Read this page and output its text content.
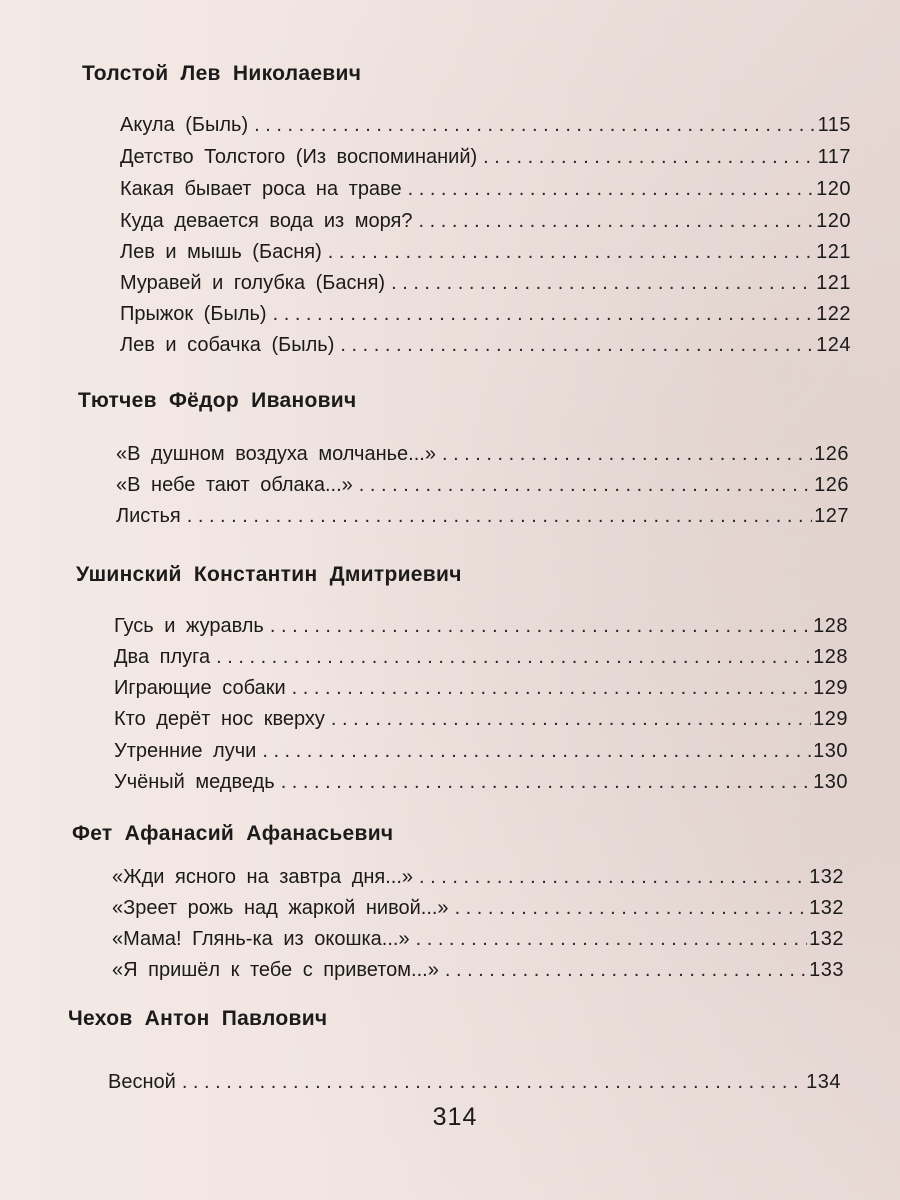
Толстой Лев Николаевич
Акула (Быль) . . .	115
Детство Толстого (Из воспоминаний) . . .	117
Какая бывает роса на траве . . .	120
Куда девается вода из моря? . . .	120
Лев и мышь (Басня) . . .	121
Муравей и голубка (Басня) . . .	121
Прыжок (Быль) . . .	122
Лев и собачка (Быль) . . .	124
Тютчев Фёдор Иванович
«В душном воздуха молчанье...» . . .	126
«В небе тают облака...» . . .	126
Листья . . .	127
Ушинский Константин Дмитриевич
Гусь и журавль . . .	128
Два плуга . . .	128
Играющие собаки . . .	129
Кто дерёт нос кверху . . .	129
Утренние лучи . . .	130
Учёный медведь . . .	130
Фет Афанасий Афанасьевич
«Жди ясного на завтра дня...» . . .	132
«Зреет рожь над жаркой нивой...» . . .	132
«Мама! Глянь-ка из окошка...» . . .	132
«Я пришёл к тебе с приветом...» . . .	133
Чехов Антон Павлович
Весной . . .	134
314
